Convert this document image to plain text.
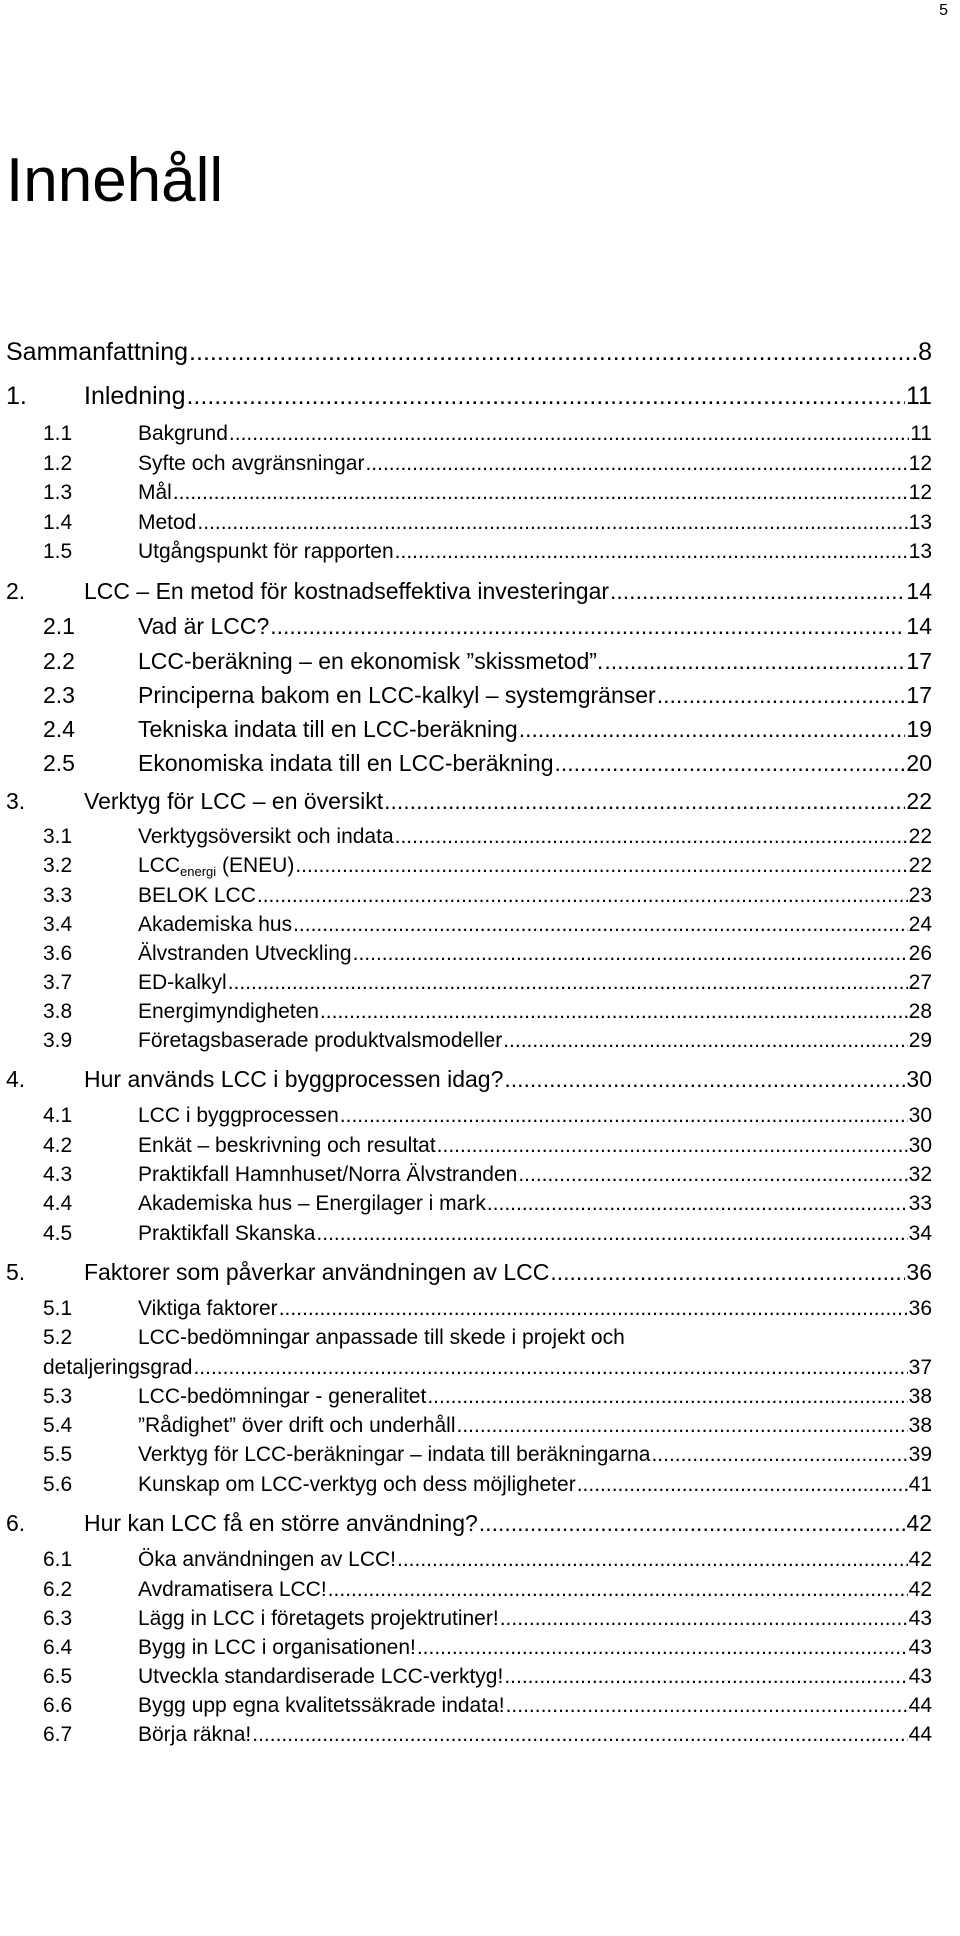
5
Innehåll
Sammanfattning .....	8
1.	Inledning .....	11
1.1	Bakgrund .....	11
1.2	Syfte och avgränsningar .....	12
1.3	Mål .....	12
1.4	Metod .....	13
1.5	Utgångspunkt för rapporten .....	13
2.	LCC – En metod för kostnadseffektiva investeringar .....	14
2.1	Vad är LCC? .....	14
2.2	LCC-beräkning – en ekonomisk ”skissmetod”. .....	17
2.3	Principerna bakom en LCC-kalkyl – systemgränser .....	17
2.4	Tekniska indata till en LCC-beräkning .....	19
2.5	Ekonomiska indata till en LCC-beräkning .....	20
3.	Verktyg för LCC – en översikt .....	22
3.1	Verktygsöversikt och indata .....	22
3.2	$LCC_{energi}$ (ENEU) .....	22
3.3	BELOK LCC .....	23
3.4	Akademiska hus .....	24
3.6	Älvstranden Utveckling .....	26
3.7	ED-kalkyl .....	27
3.8	Energimyndigheten .....	28
3.9	Företagsbaserade produktvalsmodeller .....	29
4.	Hur används LCC i byggprocessen idag? .....	30
4.1	LCC i byggprocessen .....	30
4.2	Enkät – beskrivning och resultat .....	30
4.3	Praktikfall Hamnhuset/Norra Älvstranden .....	32
4.4	Akademiska hus – Energilager i mark .....	33
4.5	Praktikfall Skanska .....	34
5.	Faktorer som påverkar användningen av LCC .....	36
5.1	Viktiga faktorer .....	36
5.2	LCC-bedömningar anpassade till skede i projekt och
detaljeringsgrad .....	37
5.3	LCC-bedömningar - generalitet .....	38
5.4	”Rådighet” över drift och underhåll .....	38
5.5	Verktyg för LCC-beräkningar – indata till beräkningarna .....	39
5.6	Kunskap om LCC-verktyg och dess möjligheter .....	41
6.	Hur kan LCC få en större användning? .....	42
6.1	Öka användningen av LCC! .....	42
6.2	Avdramatisera LCC! .....	42
6.3	Lägg in LCC i företagets projektrutiner! .....	43
6.4	Bygg in LCC i organisationen! .....	43
6.5	Utveckla standardiserade LCC-verktyg! .....	43
6.6	Bygg upp egna kvalitetssäkrade indata! .....	44
6.7	Börja räkna! .....	44
